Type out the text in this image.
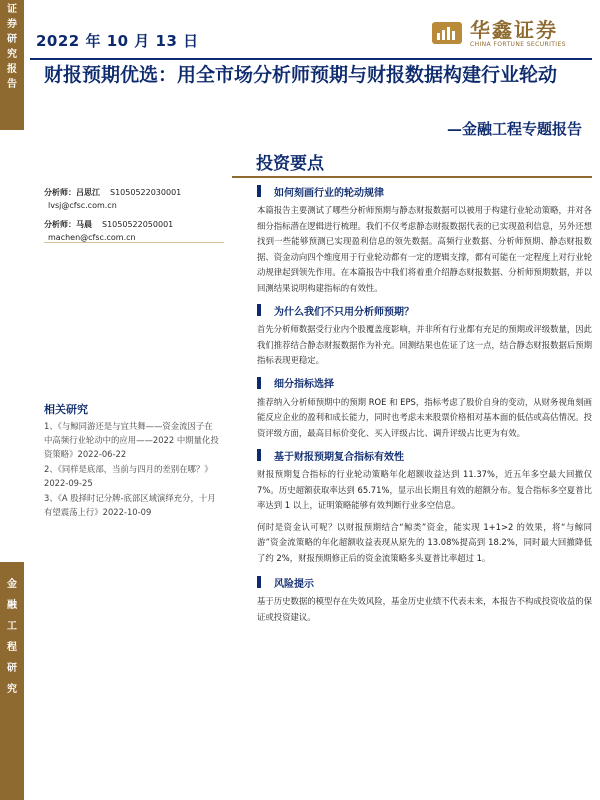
证
券
研
究
报
告
金
融
工
程
研
究
2022 年 10 月 13 日	华鑫证券
CHINA FORTUNE SECURITIES
财报预期优选：用全市场分析师预期与财报数据构建行业轮动
—金融工程专题报告
投资要点
分析师：吕思江 S1050522030001
lvsj@cfsc.com.cn
分析师：马晨 S1050522050001
machen@cfsc.com.cn
相关研究
1、《与鲸同游还是与宜共舞——资金流因子在中高频行业轮动中的应用——2022 中期量化投资策略》2022-06-22
2、《同样是底部，当前与四月的差别在哪？》2022-09-25
3、《A 股择时记分牌-底部区域演绎充分，十月有望震荡上行》2022-10-09
如何刻画行业的轮动规律

本篇报告主要测试了哪些分析师预期与静态财报数据可以被用于构建行业轮动策略，并对各细分指标潜在逻辑进行梳理。我们不仅考虑静态财报数据代表的已实现盈利信息，另外还想找到一些能够预测已实现盈利信息的领先数据。高频行业数据、分析师预期、静态财报数据、资金动向四个维度用于行业轮动都有一定的逻辑支撑，都有可能在一定程度上对行业轮动规律起到领先作用。在本篇报告中我们将着重介绍静态财报数据、分析师预期数据，并以回测结果说明构建指标的有效性。

为什么我们不只用分析师预期？

首先分析师数据受行业内个股覆盖度影响，并非所有行业都有充足的预期或评级数量，因此我们推荐结合静态财报数据作为补充。回测结果也佐证了这一点，结合静态财报数据后预期指标表现更稳定。

细分指标选择

推荐纳入分析师预期中的预期 ROE 和 EPS，指标考虑了股价自身的变动，从财务视角刻画能反应企业的盈利和成长能力，同时也考虑未来股票价格相对基本面的低估或高估情况。投资评级方面，最高目标价变化、买入评级占比、调升评级占比更为有效。

基于财报预期复合指标有效性

财报预期复合指标的行业轮动策略年化超额收益达到 11.37%，近五年多空最大回撤仅 7%。历史超额获取率达到 65.71%，显示出长期且有效的超额分布。复合指标多空夏普比率达到 1 以上，证明策略能够有效判断行业多空信息。

何时是资金认可呢？以财报预期结合“鲸类”资金，能实现 1+1>2 的效果，将“与鲸同游”资金流策略的年化超额收益表现从原先的 13.08%提高到 18.2%，同时最大回撤降低了约 2%，财报预期修正后的资金流策略多头夏普比率超过 1。

风险提示

基于历史数据的模型存在失效风险，基金历史业绩不代表未来，本报告不构成投资收益的保证或投资建议。
